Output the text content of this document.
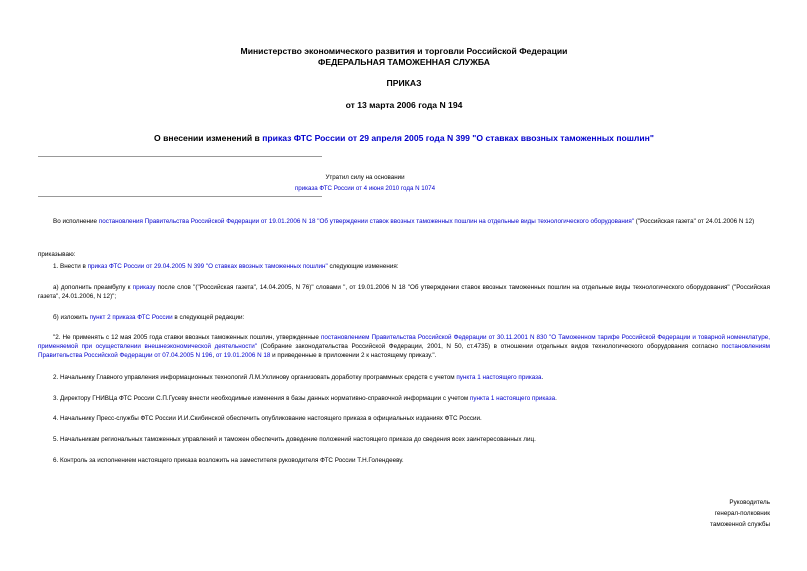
Министерство экономического развития и торговли Российской Федерации
ФЕДЕРАЛЬНАЯ ТАМОЖЕННАЯ СЛУЖБА
ПРИКАЗ
от 13 марта 2006 года N 194
О внесении изменений в приказ ФТС России от 29 апреля 2005 года N 399 "О ставках ввозных таможенных пошлин"
Утратил силу на основании
приказа ФТС России от 4 июня 2010 года N 1074
Во исполнение постановления Правительства Российской Федерации от 19.01.2006 N 18 "Об утверждении ставок ввозных таможенных пошлин на отдельные виды технологического оборудования" ("Российская газета" от 24.01.2006 N 12)
приказываю:
1. Внести в приказ ФТС России от 29.04.2005 N 399 "О ставках ввозных таможенных пошлин" следующие изменения:
а) дополнить преамбулу к приказу после слов "("Российская газета", 14.04.2005, N 76)" словами ", от 19.01.2006 N 18 "Об утверждении ставок ввозных таможенных пошлин на отдельные виды технологического оборудования" ("Российская газета", 24.01.2006, N 12)";
б) изложить пункт 2 приказа ФТС России в следующей редакции:
"2. Не применять с 12 мая 2005 года ставки ввозных таможенных пошлин, утвержденные постановлением Правительства Российской Федерации от 30.11.2001 N 830 "О Таможенном тарифе Российской Федерации и товарной номенклатуре, применяемой при осуществлении внешнеэкономической деятельности" (Собрание законодательства Российской Федерации, 2001, N 50, ст.4735) в отношении отдельных видов технологического оборудования согласно постановлениям Правительства Российской Федерации от 07.04.2005 N 196, от 19.01.2006 N 18 и приведенные в приложении 2 к настоящему приказу.".
2. Начальнику Главного управления информационных технологий Л.М.Ухлинову организовать доработку программных средств с учетом пункта 1 настоящего приказа.
3. Директору ГНИВЦа ФТС России С.П.Гусеву внести необходимые изменения в базы данных нормативно-справочной информации с учетом пункта 1 настоящего приказа.
4. Начальнику Пресс-службы ФТС России И.И.Скибинской обеспечить опубликование настоящего приказа в официальных изданиях ФТС России.
5. Начальникам региональных таможенных управлений и таможен обеспечить доведение положений настоящего приказа до сведения всех заинтересованных лиц.
6. Контроль за исполнением настоящего приказа возложить на заместителя руководителя ФТС России Т.Н.Голендееву.
Руководитель
генерал-полковник
таможенной службы
